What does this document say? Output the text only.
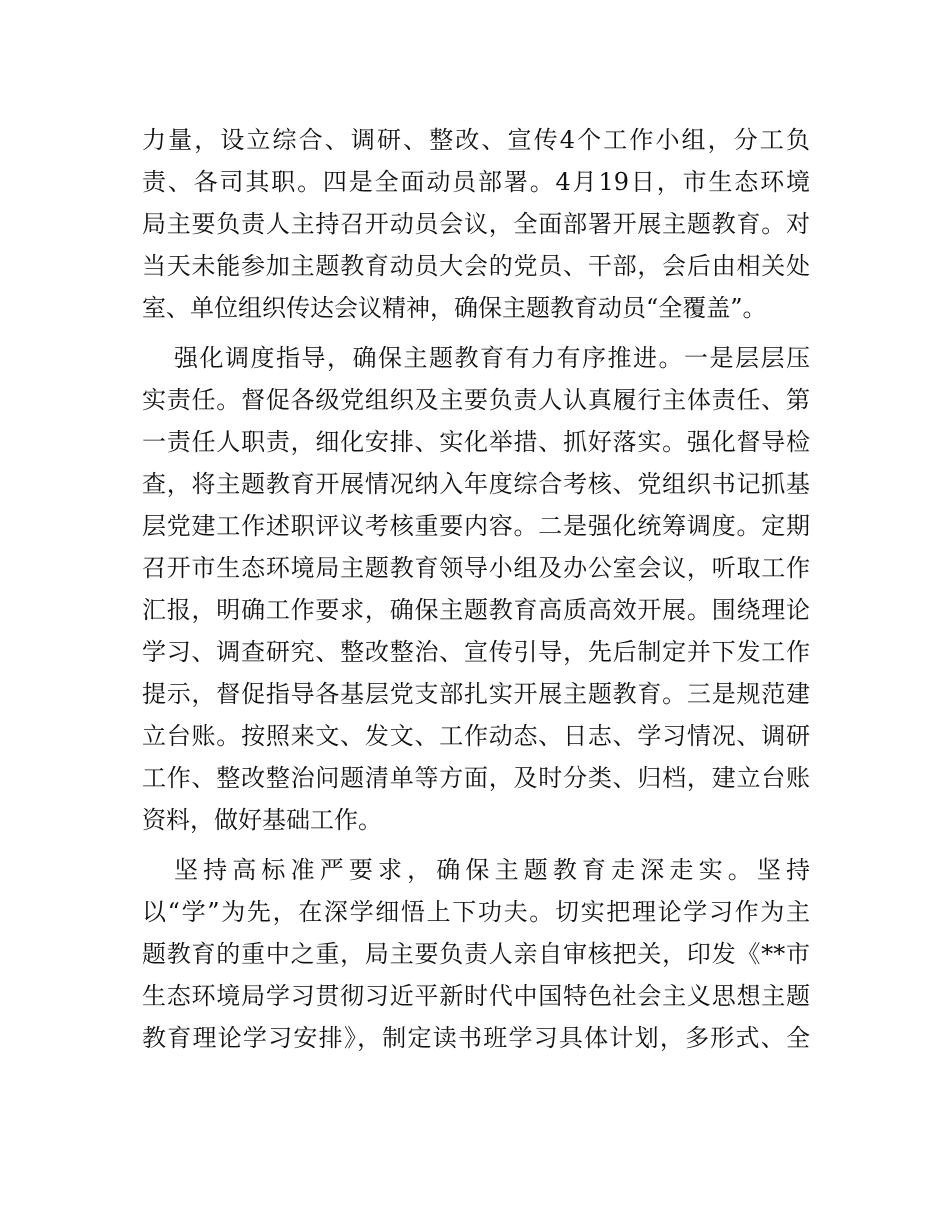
力量，设立综合、调研、整改、宣传4个工作小组，分工负
责、各司其职。四是全面动员部署。4月19日，市生态环境
局主要负责人主持召开动员会议，全面部署开展主题教育。对
当天未能参加主题教育动员大会的党员、干部，会后由相关处
室、单位组织传达会议精神，确保主题教育动员“全覆盖”。
强化调度指导，确保主题教育有力有序推进。一是层层压
实责任。督促各级党组织及主要负责人认真履行主体责任、第
一责任人职责，细化安排、实化举措、抓好落实。强化督导检
查，将主题教育开展情况纳入年度综合考核、党组织书记抓基
层党建工作述职评议考核重要内容。二是强化统筹调度。定期
召开市生态环境局主题教育领导小组及办公室会议，听取工作
汇报，明确工作要求，确保主题教育高质高效开展。围绕理论
学习、调查研究、整改整治、宣传引导，先后制定并下发工作
提示，督促指导各基层党支部扎实开展主题教育。三是规范建
立台账。按照来文、发文、工作动态、日志、学习情况、调研
工作、整改整治问题清单等方面，及时分类、归档，建立台账
资料，做好基础工作。
坚持高标准严要求，确保主题教育走深走实。坚持
以“学”为先，在深学细悟上下功夫。切实把理论学习作为主
题教育的重中之重，局主要负责人亲自审核把关，印发《**市
生态环境局学习贯彻习近平新时代中国特色社会主义思想主题
教育理论学习安排》，制定读书班学习具体计划，多形式、全
